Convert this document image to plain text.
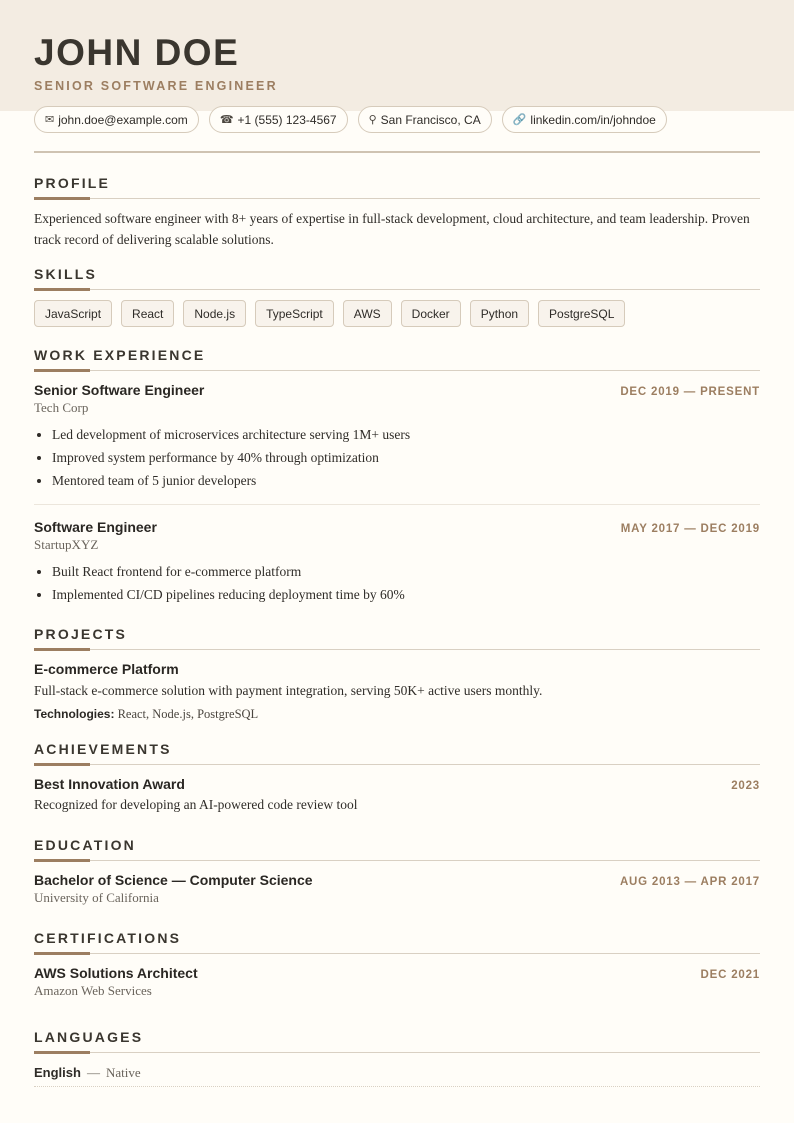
JOHN DOE
SENIOR SOFTWARE ENGINEER
✉ john.doe@example.com	☎ +1 (555) 123-4567	⚲ San Francisco, CA	🔗 linkedin.com/in/johndoe
PROFILE
Experienced software engineer with 8+ years of expertise in full-stack development, cloud architecture, and team leadership. Proven track record of delivering scalable solutions.
SKILLS
JavaScript	React	Node.js	TypeScript	AWS	Docker	Python	PostgreSQL
WORK EXPERIENCE
Senior Software Engineer	DEC 2019 — PRESENT
Tech Corp
Led development of microservices architecture serving 1M+ users
Improved system performance by 40% through optimization
Mentored team of 5 junior developers
Software Engineer	MAY 2017 — DEC 2019
StartupXYZ
Built React frontend for e-commerce platform
Implemented CI/CD pipelines reducing deployment time by 60%
PROJECTS
E-commerce Platform
Full-stack e-commerce solution with payment integration, serving 50K+ active users monthly.
Technologies: React, Node.js, PostgreSQL
ACHIEVEMENTS
Best Innovation Award	2023
Recognized for developing an AI-powered code review tool
EDUCATION
Bachelor of Science — Computer Science	AUG 2013 — APR 2017
University of California
CERTIFICATIONS
AWS Solutions Architect	DEC 2021
Amazon Web Services
LANGUAGES
English — Native
